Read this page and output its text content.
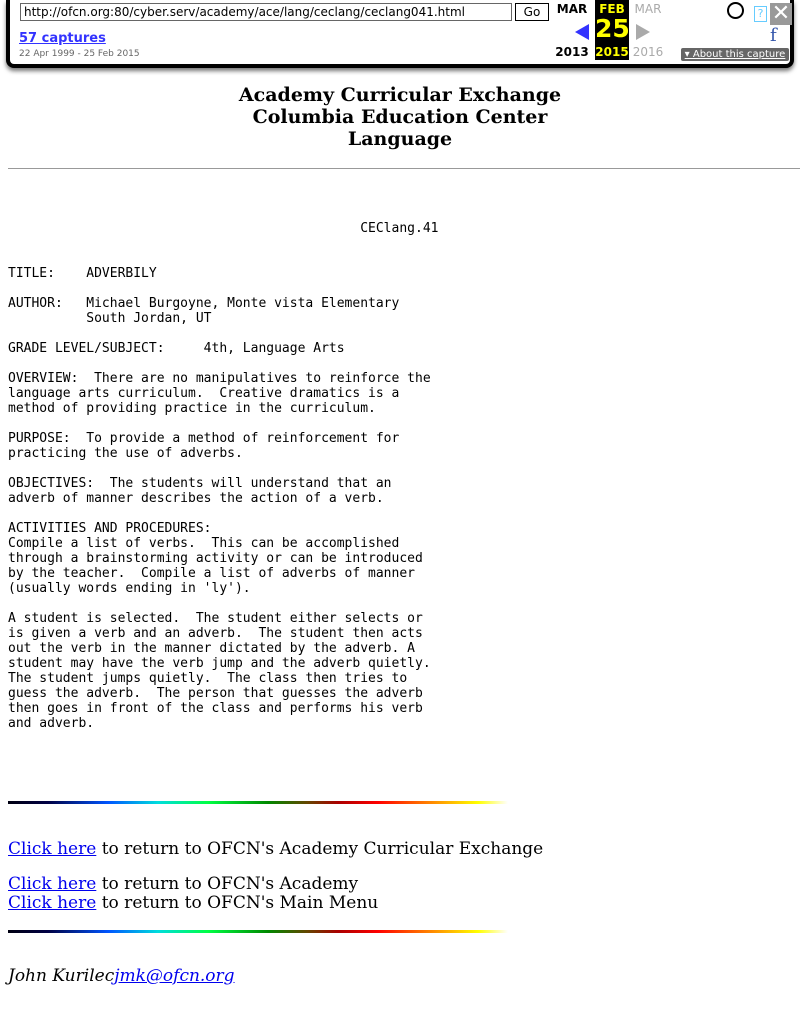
http://ofcn.org:80/cyber.serv/academy/ace/lang/ceclang/ceclang041.html	Go
57 captures
22 Apr 1999 - 25 Feb 2015
MAR
2013
FEB
25
2015
MAR
2016
? ✕
f
▾ About this capture
Academy Curricular Exchange
Columbia Education Center
Language
CEClang.41

TITLE:    ADVERBILY

AUTHOR:   Michael Burgoyne, Monte vista Elementary
South Jordan, UT

GRADE LEVEL/SUBJECT:     4th, Language Arts

OVERVIEW:  There are no manipulatives to reinforce the
language arts curriculum.  Creative dramatics is a
method of providing practice in the curriculum.

PURPOSE:  To provide a method of reinforcement for
practicing the use of adverbs.

OBJECTIVES:  The students will understand that an
adverb of manner describes the action of a verb.

ACTIVITIES AND PROCEDURES:
Compile a list of verbs.  This can be accomplished
through a brainstorming activity or can be introduced
by the teacher.  Compile a list of adverbs of manner
(usually words ending in 'ly').

A student is selected.  The student either selects or
is given a verb and an adverb.  The student then acts
out the verb in the manner dictated by the adverb. A
student may have the verb jump and the adverb quietly.
The student jumps quietly.  The class then tries to
guess the adverb.  The person that guesses the adverb
then goes in front of the class and performs his verb
and adverb.
Click here to return to OFCN's Academy Curricular Exchange
Click here to return to OFCN's Academy
Click here to return to OFCN's Main Menu
John Kurilecjmk@ofcn.org
